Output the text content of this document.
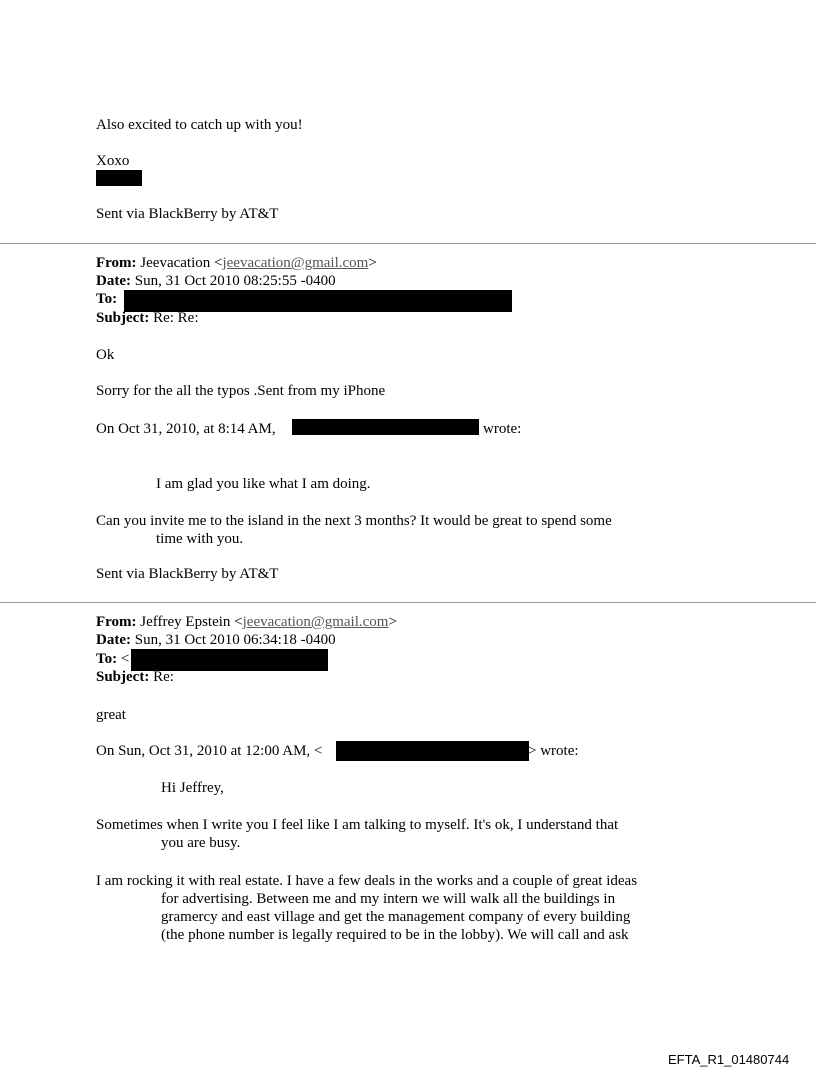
Also excited to catch up with you!
Xoxo
Sent via BlackBerry by AT&T
From: Jeevacation <jeevacation@gmail.com>
Date: Sun, 31 Oct 2010 08:25:55 -0400
To:
Subject: Re: Re:
Ok
Sorry for the all the typos .Sent from my iPhone
On Oct 31, 2010, at 8:14 AM,	wrote:
I am glad you like what I am doing.
Can you invite me to the island in the next 3 months? It would be great to spend some
time with you.
Sent via BlackBerry by AT&T
From: Jeffrey Epstein <jeevacation@gmail.com>
Date: Sun, 31 Oct 2010 06:34:18 -0400
To: <
Subject: Re:
great
On Sun, Oct 31, 2010 at 12:00 AM, <	> wrote:
Hi Jeffrey,
Sometimes when I write you I feel like I am talking to myself. It's ok, I understand that
you are busy.
I am rocking it with real estate. I have a few deals in the works and a couple of great ideas
for advertising. Between me and my intern we will walk all the buildings in
gramercy and east village and get the management company of every building
(the phone number is legally required to be in the lobby). We will call and ask
EFTA_R1_01480744
